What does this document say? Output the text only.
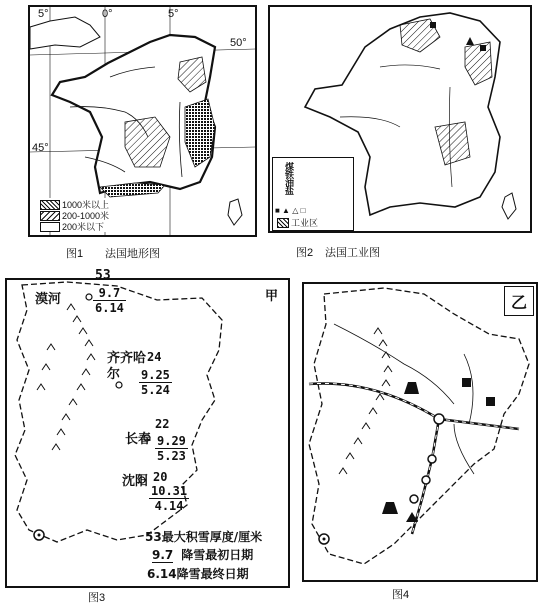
5°	0°	5°
50°
45°
1000米以上
200-1000米
200米以下
图1 法国地形图
煤铁油盐
■ ▲ △ □
工业区
图2 法国工业图
甲
53
漠河	$\frac{9.7}{6.14}$
齐齐哈尔
24
$\frac{9.25}{5.24}$
长春
22
$\frac{9.29}{5.23}$
沈阳 20
$\frac{10.31}{4.14}$
53最大积雪厚度/厘米
9.7 降雪最初日期
6.14降雪最终日期
图3
乙
图4
